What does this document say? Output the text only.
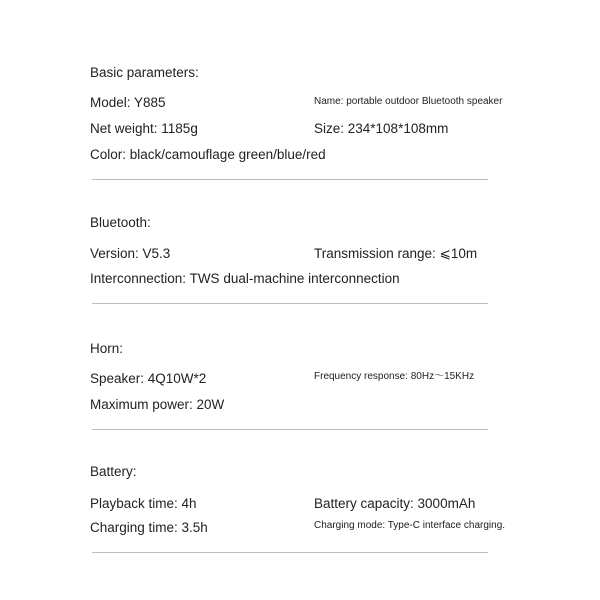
Basic parameters:
Model: Y885	Name: portable outdoor Bluetooth speaker
Net weight: 1185g	Size: 234*108*108mm
Color: black/camouflage green/blue/red
Bluetooth:
Version: V5.3	Transmission range: ⩽10m
Interconnection: TWS dual-machine interconnection
Horn:
Speaker: 4Q10W*2	Frequency response: 80Hz～15KHz
Maximum power: 20W
Battery:
Playback time: 4h	Battery capacity: 3000mAh
Charging time: 3.5h	Charging mode: Type-C interface charging.
